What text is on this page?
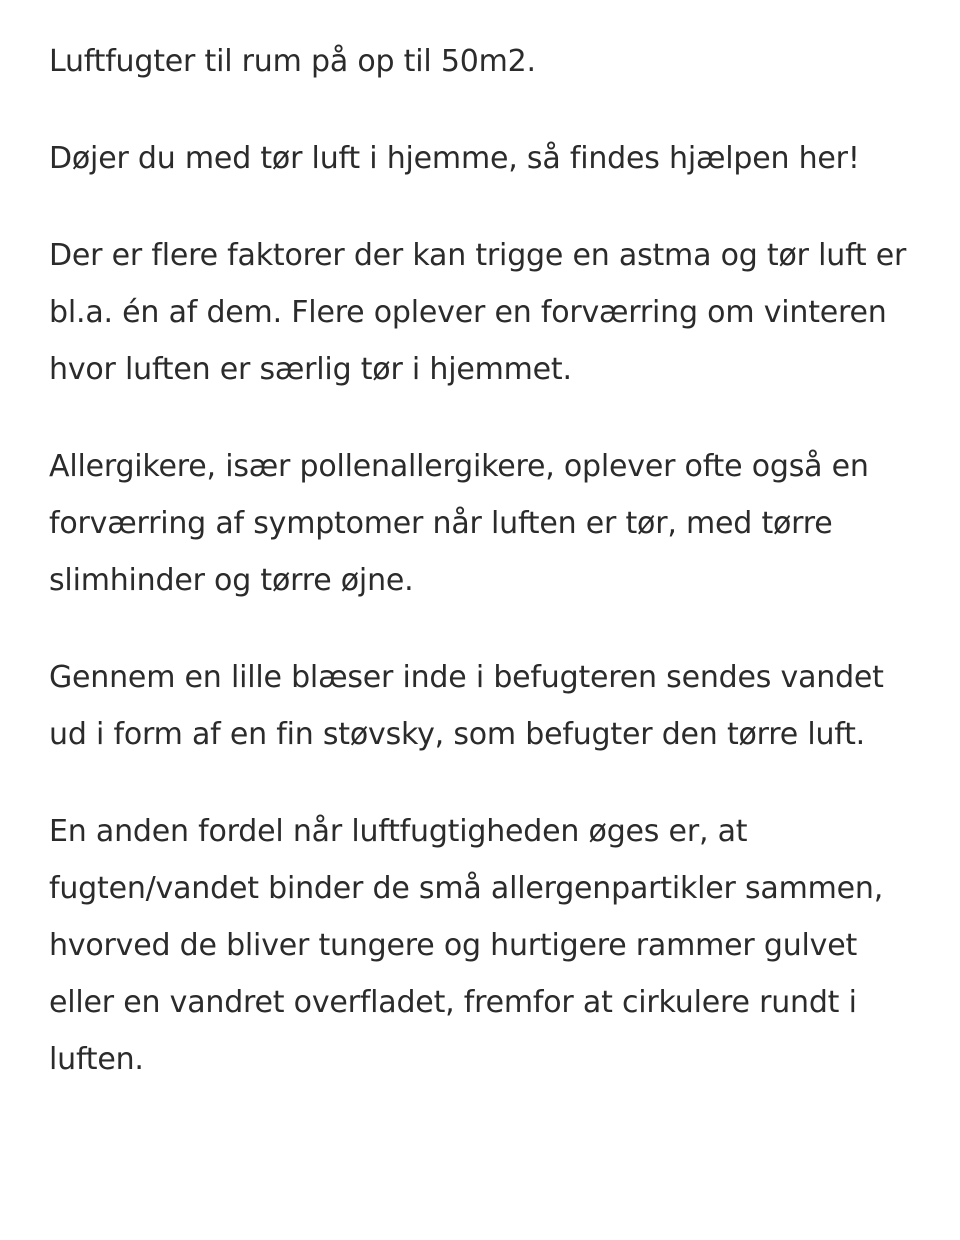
Luftfugter til rum på op til 50m2.

Døjer du med tør luft i hjemme, så findes hjælpen her!

Der er flere faktorer der kan trigge en astma og tør luft er bl.a. én af dem. Flere oplever en forværring om vinteren hvor luften er særlig tør i hjemmet.

Allergikere, især pollenallergikere, oplever ofte også en forværring af symptomer når luften er tør, med tørre slimhinder og tørre øjne.

Gennem en lille blæser inde i befugteren sendes vandet ud i form af en fin støvsky, som befugter den tørre luft.

En anden fordel når luftfugtigheden øges er, at fugten/vandet binder de små allergenpartikler sammen, hvorved de bliver tungere og hurtigere rammer gulvet eller en vandret overfladet, fremfor at cirkulere rundt i luften.
